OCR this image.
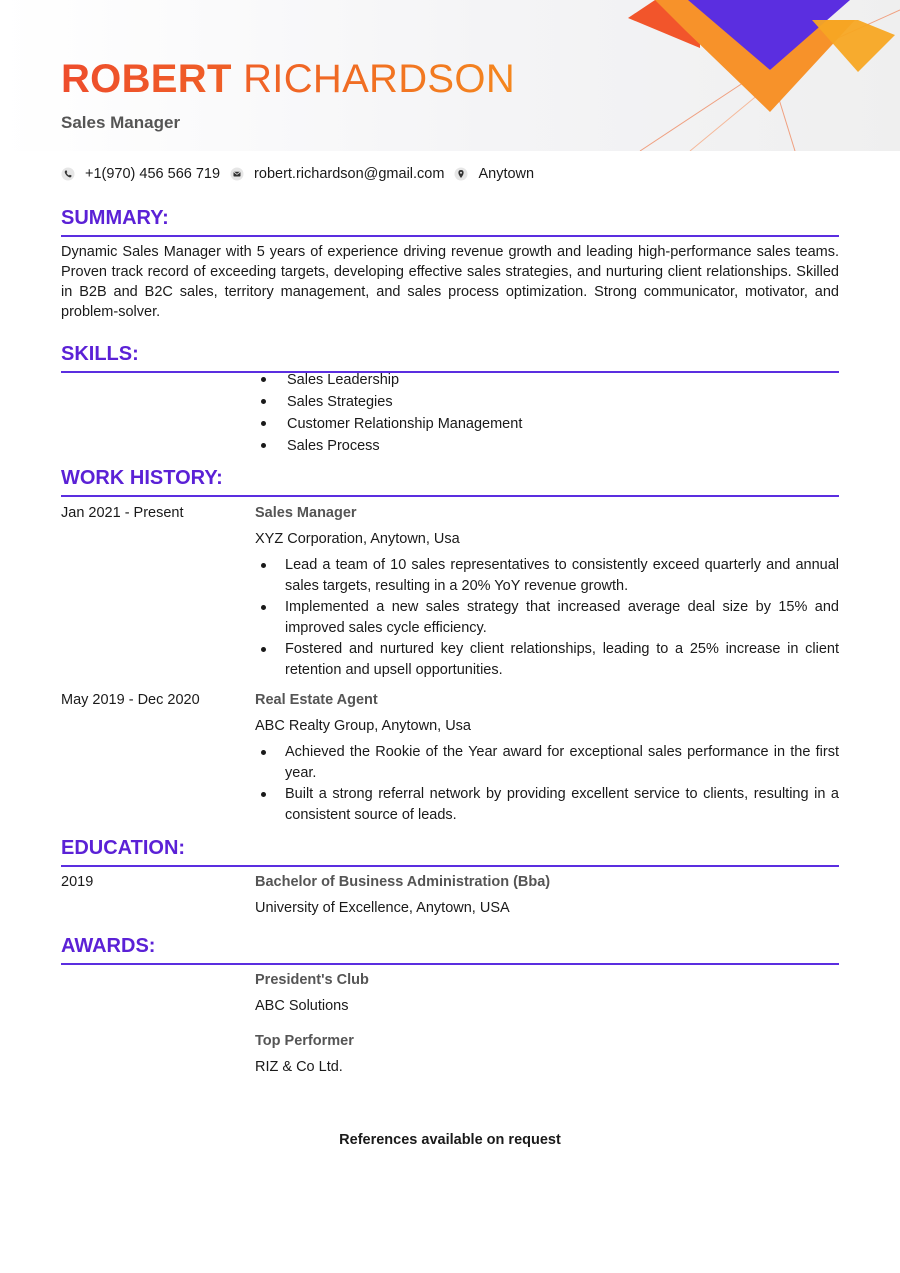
ROBERT RICHARDSON
Sales Manager
+1(970) 456 566 719 robert.richardson@gmail.com Anytown
SUMMARY:

Dynamic Sales Manager with 5 years of experience driving revenue growth and leading high-performance sales teams. Proven track record of exceeding targets, developing effective sales strategies, and nurturing client relationships. Skilled in B2B and B2C sales, territory management, and sales process optimization. Strong communicator, motivator, and problem-solver.

SKILLS:
Sales Leadership
Sales Strategies
Customer Relationship Management
Sales Process
WORK HISTORY:
Jan 2021 - Present	Sales Manager
XYZ Corporation, Anytown, Usa
Lead a team of 10 sales representatives to consistently exceed quarterly and annual sales targets, resulting in a 20% YoY revenue growth.
Implemented a new sales strategy that increased average deal size by 15% and improved sales cycle efficiency.
Fostered and nurtured key client relationships, leading to a 25% increase in client retention and upsell opportunities.
May 2019 - Dec 2020	Real Estate Agent
ABC Realty Group, Anytown, Usa
Achieved the Rookie of the Year award for exceptional sales performance in the first year.
Built a strong referral network by providing excellent service to clients, resulting in a consistent source of leads.
EDUCATION:
2019	Bachelor of Business Administration (Bba)
University of Excellence, Anytown, USA
AWARDS:
President's Club
ABC Solutions
Top Performer
RIZ & Co Ltd.
References available on request
